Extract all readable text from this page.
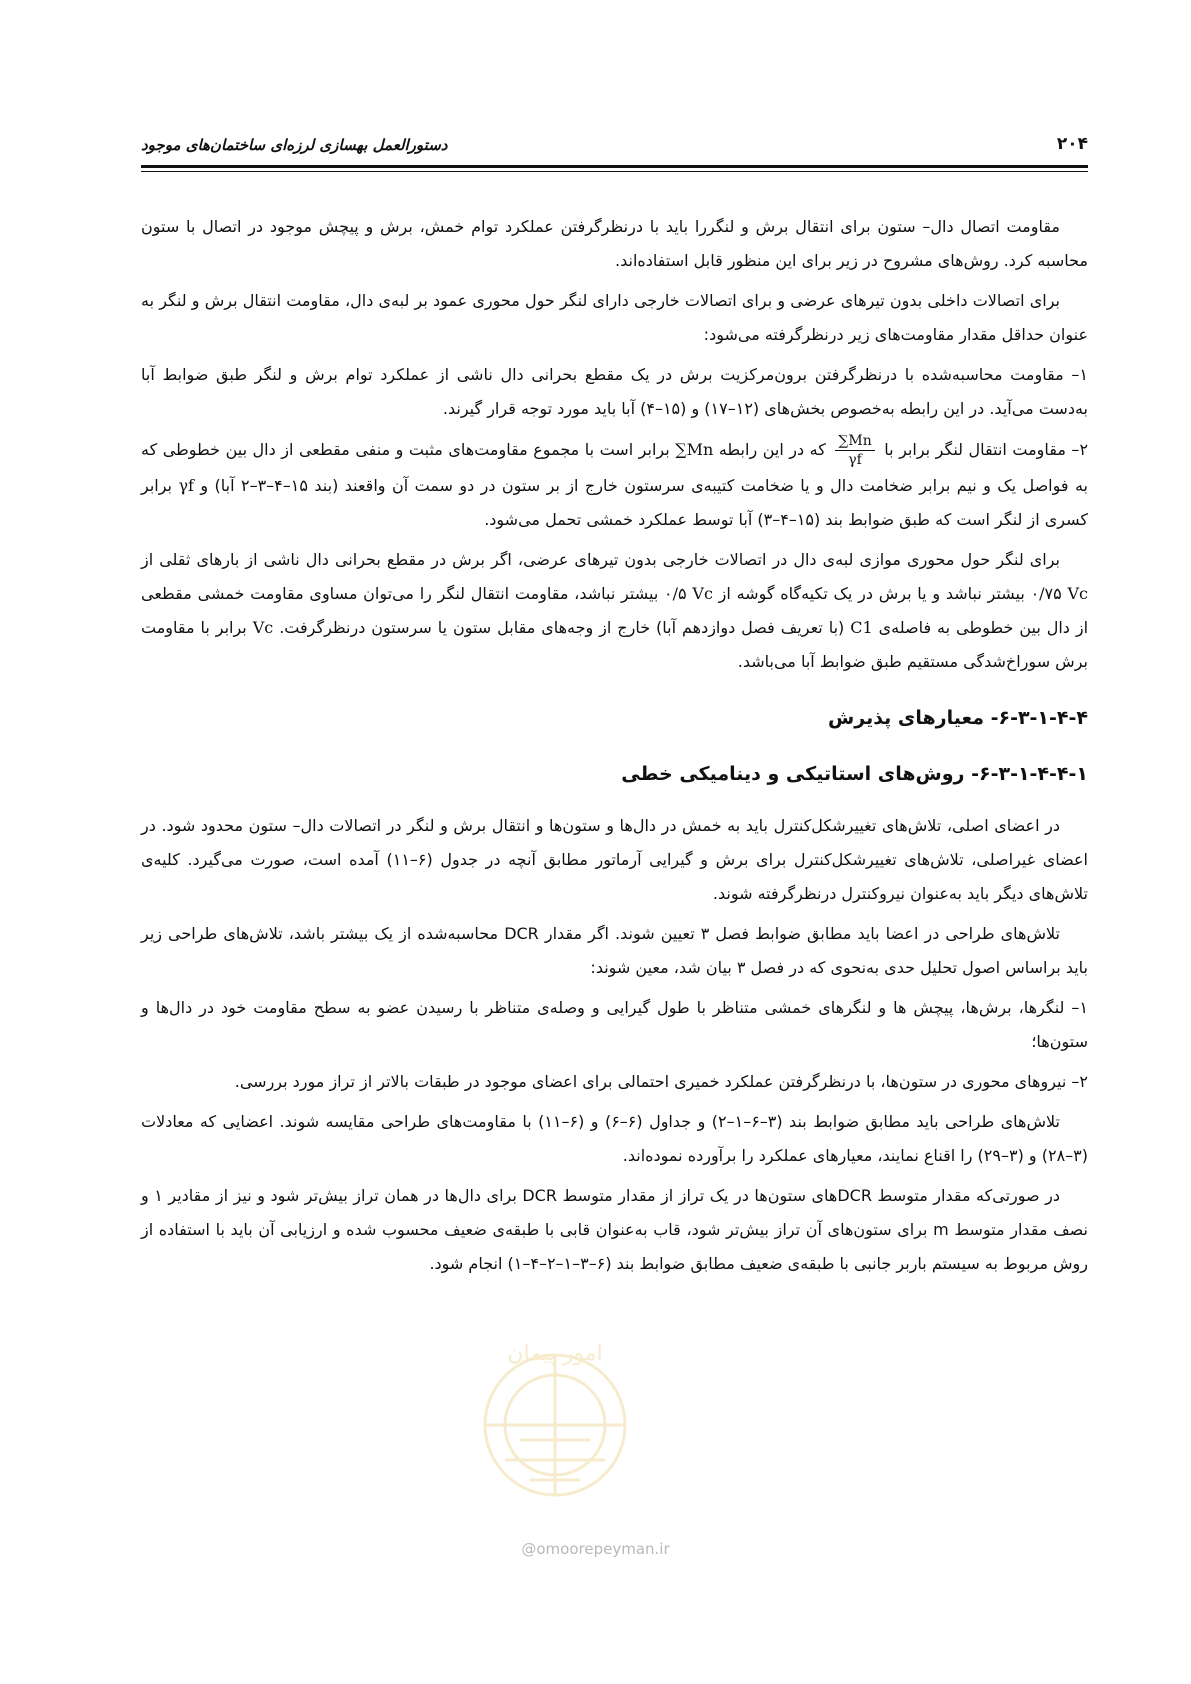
۲۰۴
دستورالعمل بهسازی لرزه‌ای ساختمان‌های موجود

مقاومت اتصال دال– ستون برای انتقال برش و لنگررا باید با درنظرگرفتن عملکرد توام خمش، برش و پیچش موجود در اتصال با ستون محاسبه کرد. روش‌های مشروح در زیر برای این منظور قابل استفاده‌اند.

برای اتصالات داخلی بدون تیرهای عرضی و برای اتصالات خارجی دارای لنگر حول محوری عمود بر لبه‌ی دال، مقاومت انتقال برش و لنگر به عنوان حداقل مقدار مقاومت‌های زیر درنظرگرفته می‌شود:

۱– مقاومت محاسبه‌شده با درنظرگرفتن برون‌مرکزیت برش در یک مقطع بحرانی دال ناشی از عملکرد توام برش و لنگر طبق ضوابط آبا به‌دست می‌آید. در این رابطه به‌خصوص بخش‌های (۱۲–۱۷) و (۱۵–۴) آبا باید مورد توجه قرار گیرند.

۲– مقاومت انتقال لنگر برابر با
$\frac{\sum Mn}{\gamma f}$
که در این رابطه ∑Mn برابر است با مجموع مقاومت‌های مثبت و منفی مقطعی از دال بین خطوطی که به فواصل یک و نیم برابر ضخامت دال و یا ضخامت کتیبه‌ی سرستون خارج از بر ستون در دو سمت آن واقعند (بند ۱۵–۴–۳–۲ آبا) و γf برابر کسری از لنگر است که طبق ضوابط بند (۱۵–۴–۳) آبا توسط عملکرد خمشی تحمل می‌شود.

برای لنگر حول محوری موازی لبه‌ی دال در اتصالات خارجی بدون تیرهای عرضی، اگر برش در مقطع بحرانی دال ناشی از بارهای ثقلی از ۰/۷۵ Vc بیشتر نباشد و یا برش در یک تکیه‌گاه گوشه از ۰/۵ Vc بیشتر نباشد، مقاومت انتقال لنگر را می‌توان مساوی مقاومت خمشی مقطعی از دال بین خطوطی به فاصله‌ی C1 (با تعریف فصل دوازدهم آبا) خارج از وجه‌های مقابل ستون یا سرستون درنظرگرفت. Vc برابر با مقاومت برش سوراخ‌شدگی مستقیم طبق ضوابط آبا می‌باشد.

۶-۳-۱-۴-۴- معیارهای پذیرش
۶-۳-۱-۴-۴-۱- روش‌های استاتیکی و دینامیکی خطی

در اعضای اصلی، تلاش‌های تغییرشکل‌کنترل باید به خمش در دال‌ها و ستون‌ها و انتقال برش و لنگر در اتصالات دال– ستون محدود شود. در اعضای غیراصلی، تلاش‌های تغییرشکل‌کنترل برای برش و گیرایی آرماتور مطابق آنچه در جدول (۶–۱۱) آمده است، صورت می‌گیرد. کلیه‌ی تلاش‌های دیگر باید به‌عنوان نیروکنترل درنظرگرفته شوند.

تلاش‌های طراحی در اعضا باید مطابق ضوابط فصل ۳ تعیین شوند. اگر مقدار DCR محاسبه‌شده از یک بیشتر باشد، تلاش‌های طراحی زیر باید براساس اصول تحلیل حدی به‌نحوی که در فصل ۳ بیان شد، معین شوند:

۱– لنگرها، برش‌ها، پیچش ها و لنگرهای خمشی متناظر با طول گیرایی و وصله‌ی متناظر با رسیدن عضو به سطح مقاومت خود در دال‌ها و ستون‌ها؛

۲– نیروهای محوری در ستون‌ها، با درنظرگرفتن عملکرد خمیری احتمالی برای اعضای موجود در طبقات بالاتر از تراز مورد بررسی.

تلاش‌های طراحی باید مطابق ضوابط بند (۳–۶–۱–۲) و جداول (۶–۶) و (۶–۱۱) با مقاومت‌های طراحی مقایسه شوند. اعضایی که معادلات (۳–۲۸) و (۳–۲۹) را اقناع نمایند، معیارهای عملکرد را برآورده نموده‌اند.

در صورتی‌که مقدار متوسط DCRهای ستون‌ها در یک تراز از مقدار متوسط DCR برای دال‌ها در همان تراز بیش‌تر شود و نیز از مقادیر ۱ و نصف مقدار متوسط m برای ستون‌های آن تراز بیش‌تر شود، قاب به‌عنوان قابی با طبقه‌ی ضعیف محسوب شده و ارزیابی آن باید با استفاده از روش مربوط به سیستم باربر جانبی با طبقه‌ی ضعیف مطابق ضوابط بند (۶–۳–۱–۲–۴–۱) انجام شود.

امور پیمان
@omoorepeyman.ir
